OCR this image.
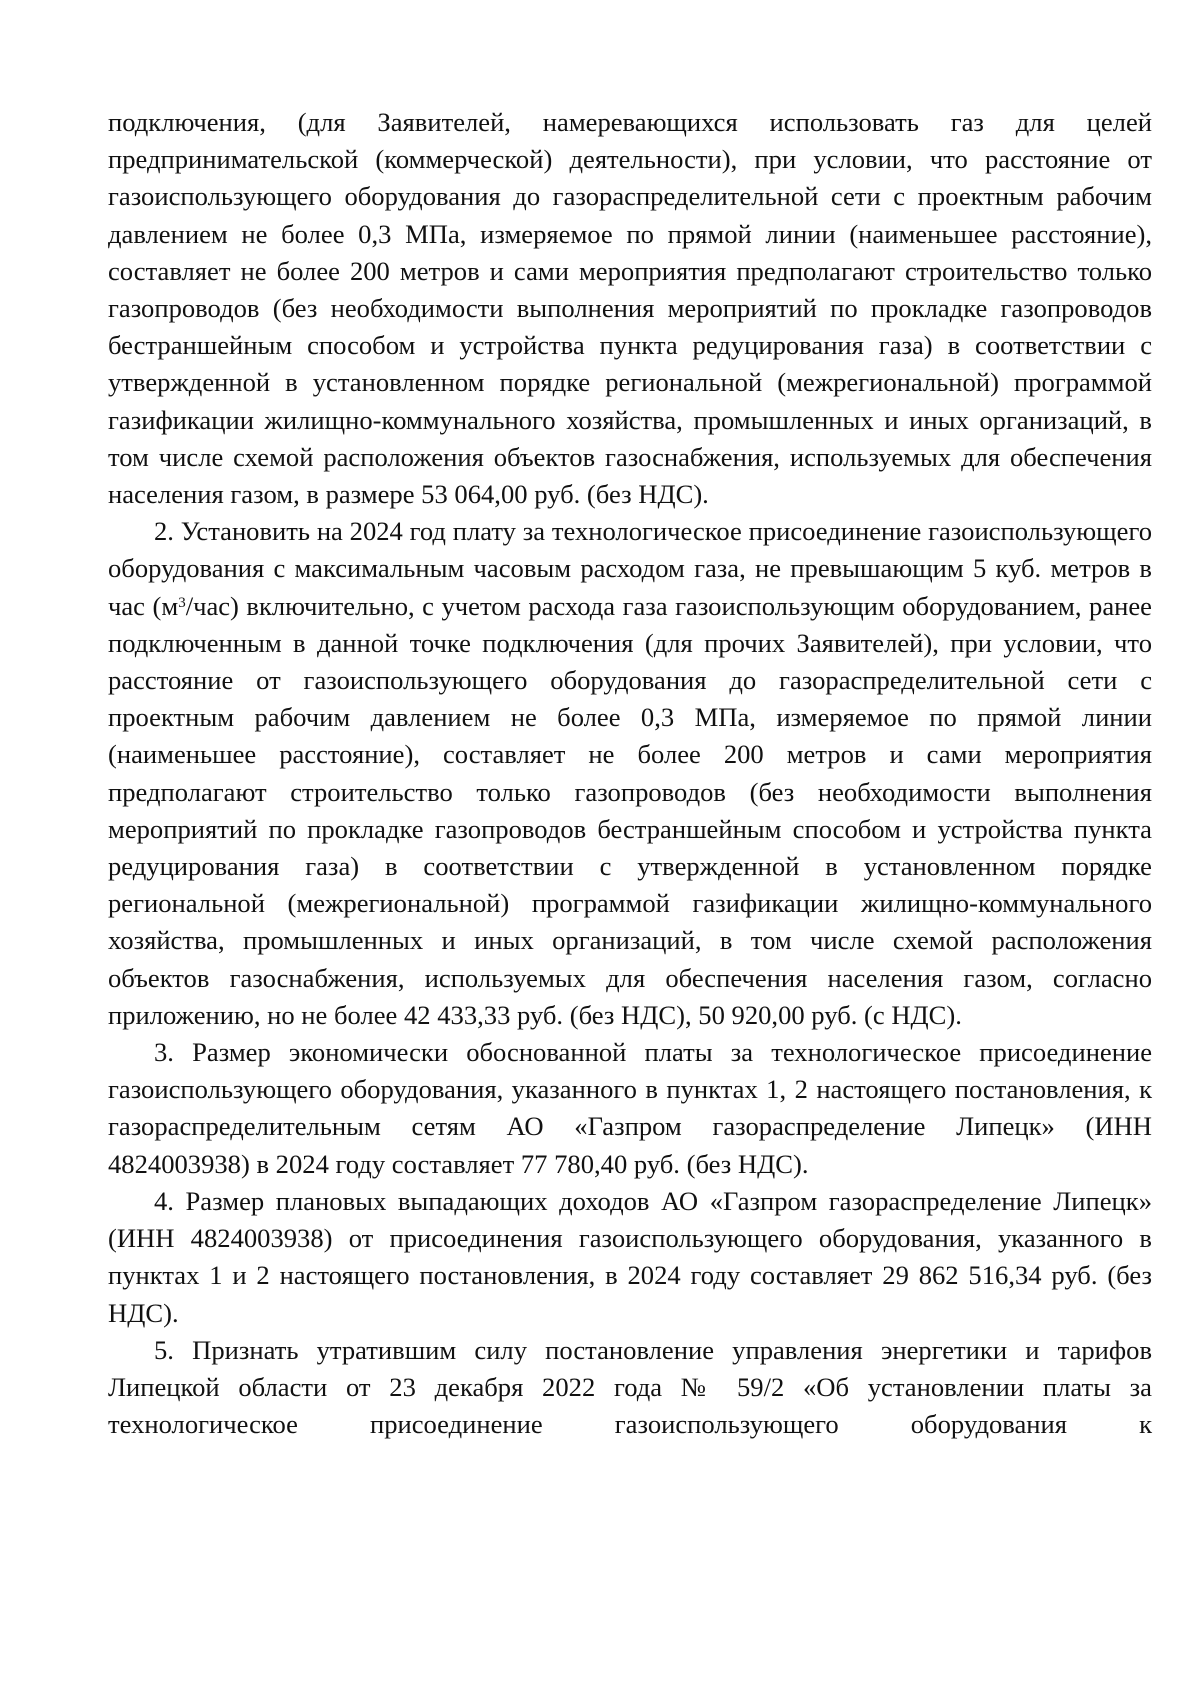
подключения, (для Заявителей, намеревающихся использовать газ для целей предпринимательской (коммерческой) деятельности), при условии, что расстояние от газоиспользующего оборудования до газораспределительной сети с проектным рабочим давлением не более 0,3 МПа, измеряемое по прямой линии (наименьшее расстояние), составляет не более 200 метров и сами мероприятия предполагают строительство только газопроводов (без необходимости выполнения мероприятий по прокладке газопроводов бестраншейным способом и устройства пункта редуцирования газа) в соответствии с утвержденной в установленном порядке региональной (межрегиональной) программой газификации жилищно-коммунального хозяйства, промышленных и иных организаций, в том числе схемой расположения объектов газоснабжения, используемых для обеспечения населения газом, в размере 53 064,00 руб. (без НДС).

2. Установить на 2024 год плату за технологическое присоединение газоиспользующего оборудования с максимальным часовым расходом газа, не превышающим 5 куб. метров в час $(м^3/час)$ включительно, с учетом расхода газа газоиспользующим оборудованием, ранее подключенным в данной точке подключения (для прочих Заявителей), при условии, что расстояние от газоиспользующего оборудования до газораспределительной сети с проектным рабочим давлением не более 0,3 МПа, измеряемое по прямой линии (наименьшее расстояние), составляет не более 200 метров и сами мероприятия предполагают строительство только газопроводов (без необходимости выполнения мероприятий по прокладке газопроводов бестраншейным способом и устройства пункта редуцирования газа) в соответствии с утвержденной в установленном порядке региональной (межрегиональной) программой газификации жилищно-коммунального хозяйства, промышленных и иных организаций, в том числе схемой расположения объектов газоснабжения, используемых для обеспечения населения газом, согласно приложению, но не более 42 433,33 руб. (без НДС), 50 920,00 руб. (с НДС).

3. Размер экономически обоснованной платы за технологическое присоединение газоиспользующего оборудования, указанного в пунктах 1, 2 настоящего постановления, к газораспределительным сетям АО «Газпром газораспределение Липецк» (ИНН 4824003938) в 2024 году составляет 77 780,40 руб. (без НДС).

4. Размер плановых выпадающих доходов АО «Газпром газораспределение Липецк» (ИНН 4824003938) от присоединения газоиспользующего оборудования, указанного в пунктах 1 и 2 настоящего постановления, в 2024 году составляет 29 862 516,34 руб. (без НДС).

5. Признать утратившим силу постановление управления энергетики и тарифов Липецкой области от 23 декабря 2022 года № 59/2 «Об установлении платы за технологическое присоединение газоиспользующего оборудования к
